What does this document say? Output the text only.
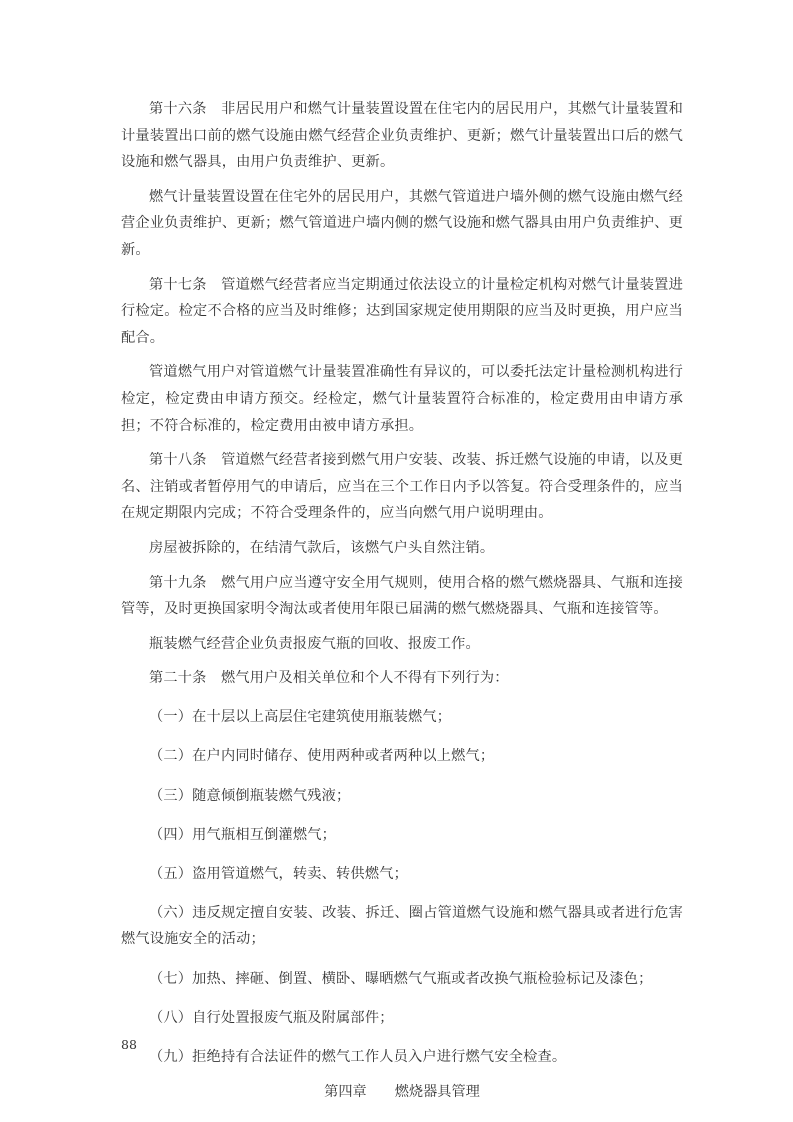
第十六条　非居民用户和燃气计量装置设置在住宅内的居民用户，其燃气计量装置和计量装置出口前的燃气设施由燃气经营企业负责维护、更新；燃气计量装置出口后的燃气设施和燃气器具，由用户负责维护、更新。

燃气计量装置设置在住宅外的居民用户，其燃气管道进户墙外侧的燃气设施由燃气经营企业负责维护、更新；燃气管道进户墙内侧的燃气设施和燃气器具由用户负责维护、更新。

第十七条　管道燃气经营者应当定期通过依法设立的计量检定机构对燃气计量装置进行检定。检定不合格的应当及时维修；达到国家规定使用期限的应当及时更换，用户应当配合。

管道燃气用户对管道燃气计量装置准确性有异议的，可以委托法定计量检测机构进行检定，检定费由申请方预交。经检定，燃气计量装置符合标准的，检定费用由申请方承担；不符合标准的，检定费用由被申请方承担。

第十八条　管道燃气经营者接到燃气用户安装、改装、拆迁燃气设施的申请，以及更名、注销或者暂停用气的申请后，应当在三个工作日内予以答复。符合受理条件的，应当在规定期限内完成；不符合受理条件的，应当向燃气用户说明理由。

房屋被拆除的，在结清气款后，该燃气户头自然注销。

第十九条　燃气用户应当遵守安全用气规则，使用合格的燃气燃烧器具、气瓶和连接管等，及时更换国家明令淘汰或者使用年限已届满的燃气燃烧器具、气瓶和连接管等。

瓶装燃气经营企业负责报废气瓶的回收、报废工作。

第二十条　燃气用户及相关单位和个人不得有下列行为：

（一）在十层以上高层住宅建筑使用瓶装燃气；

（二）在户内同时储存、使用两种或者两种以上燃气；

（三）随意倾倒瓶装燃气残液；

（四）用气瓶相互倒灌燃气；

（五）盗用管道燃气，转卖、转供燃气；

（六）违反规定擅自安装、改装、拆迁、圈占管道燃气设施和燃气器具或者进行危害燃气设施安全的活动；

（七）加热、摔砸、倒置、横卧、曝晒燃气气瓶或者改换气瓶检验标记及漆色；

（八）自行处置报废气瓶及附属部件；

（九）拒绝持有合法证件的燃气工作人员入户进行燃气安全检查。

第四章 燃烧器具管理
88
